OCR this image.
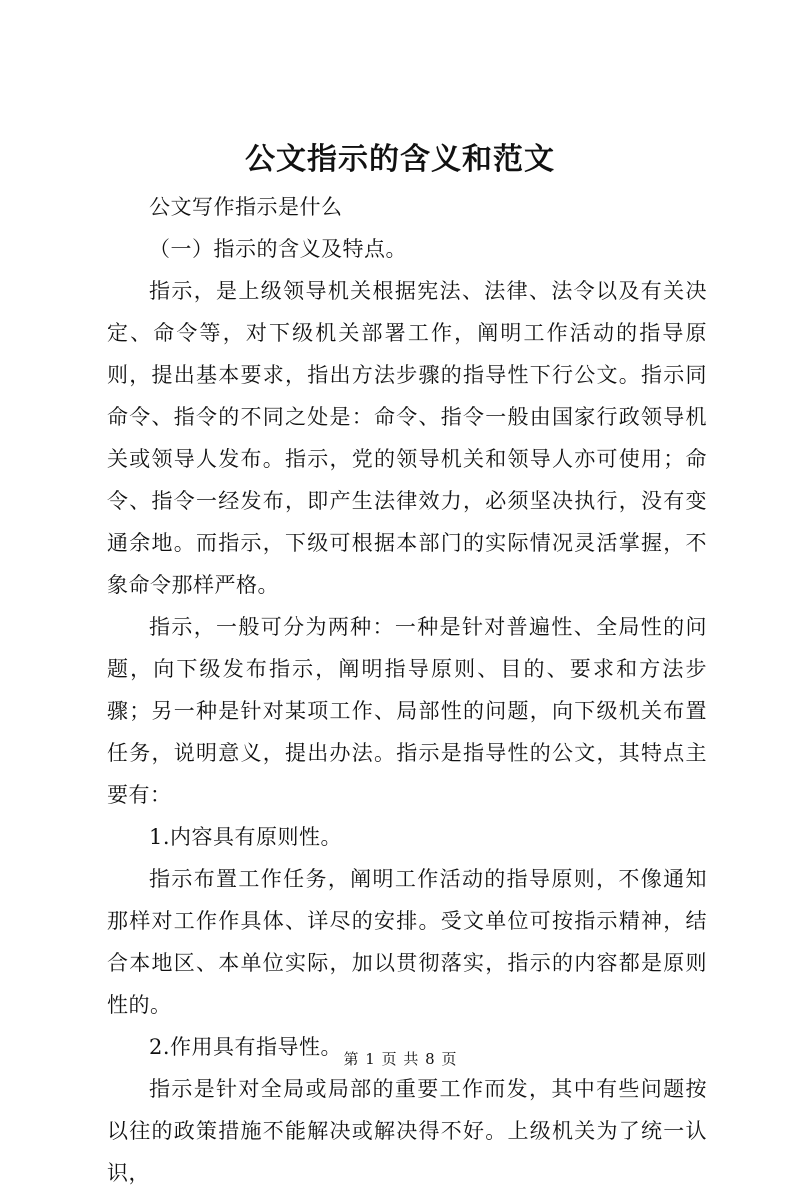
公文指示的含义和范文

公文写作指示是什么

（一）指示的含义及特点。

指示，是上级领导机关根据宪法、法律、法令以及有关决定、命令等，对下级机关部署工作，阐明工作活动的指导原则，提出基本要求，指出方法步骤的指导性下行公文。指示同命令、指令的不同之处是：命令、指令一般由国家行政领导机关或领导人发布。指示，党的领导机关和领导人亦可使用；命令、指令一经发布，即产生法律效力，必须坚决执行，没有变通余地。而指示，下级可根据本部门的实际情况灵活掌握，不象命令那样严格。

指示，一般可分为两种：一种是针对普遍性、全局性的问题，向下级发布指示，阐明指导原则、目的、要求和方法步骤；另一种是针对某项工作、局部性的问题，向下级机关布置任务，说明意义，提出办法。指示是指导性的公文，其特点主要有：

1.内容具有原则性。

指示布置工作任务，阐明工作活动的指导原则，不像通知那样对工作作具体、详尽的安排。受文单位可按指示精神，结合本地区、本单位实际，加以贯彻落实，指示的内容都是原则性的。

2.作用具有指导性。

指示是针对全局或局部的重要工作而发，其中有些问题按以往的政策措施不能解决或解决得不好。上级机关为了统一认识，

第 1 页 共 8 页
